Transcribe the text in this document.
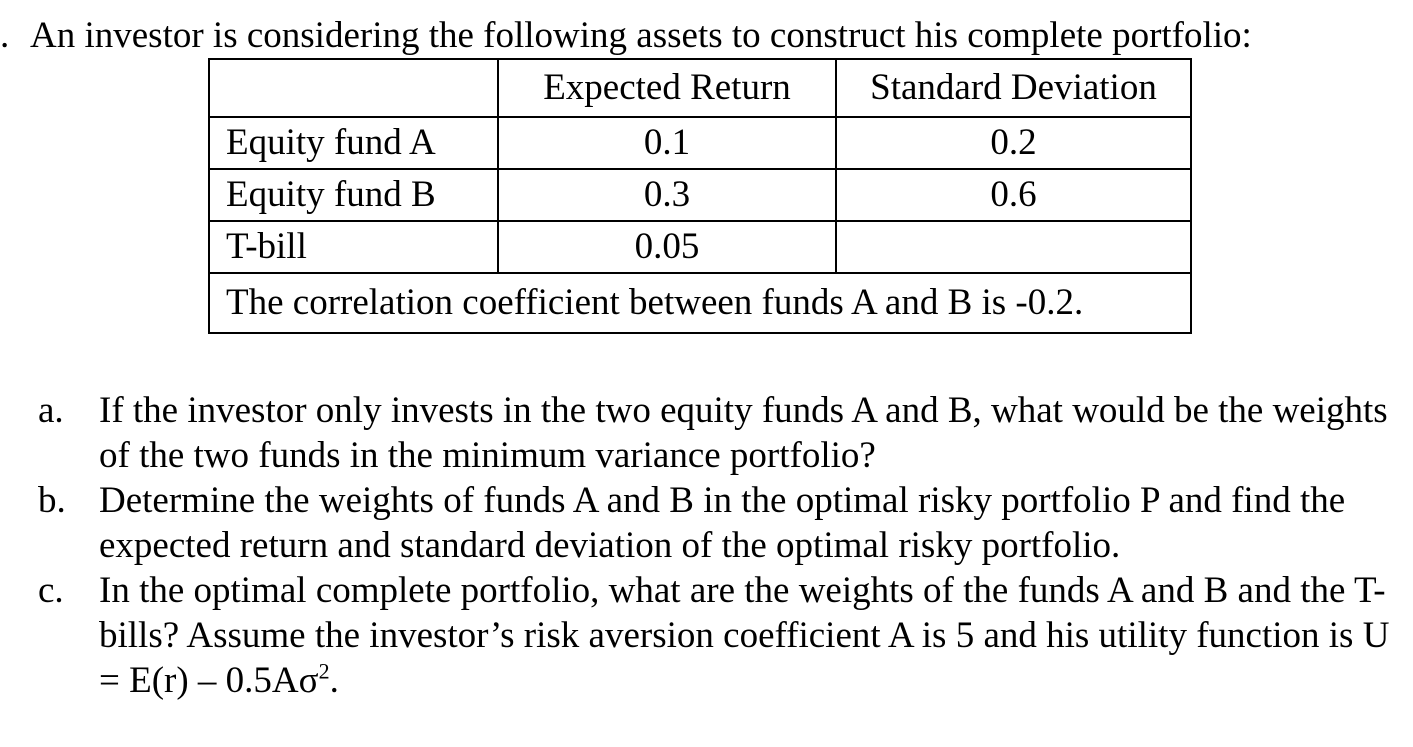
. An investor is considering the following assets to construct his complete portfolio:
	Expected Return	Standard Deviation
Equity fund A	0.1	0.2
Equity fund B	0.3	0.6
T-bill	0.05	
The correlation coefficient between funds A and B is -0.2.		

a. If the investor only invests in the two equity funds A and B, what would be the weights of the two funds in the minimum variance portfolio?

b. Determine the weights of funds A and B in the optimal risky portfolio P and find the expected return and standard deviation of the optimal risky portfolio.

c. In the optimal complete portfolio, what are the weights of the funds A and B and the T-bills? Assume the investor’s risk aversion coefficient A is 5 and his utility function is $U = E(r) - 0.5A\sigma^2$.
